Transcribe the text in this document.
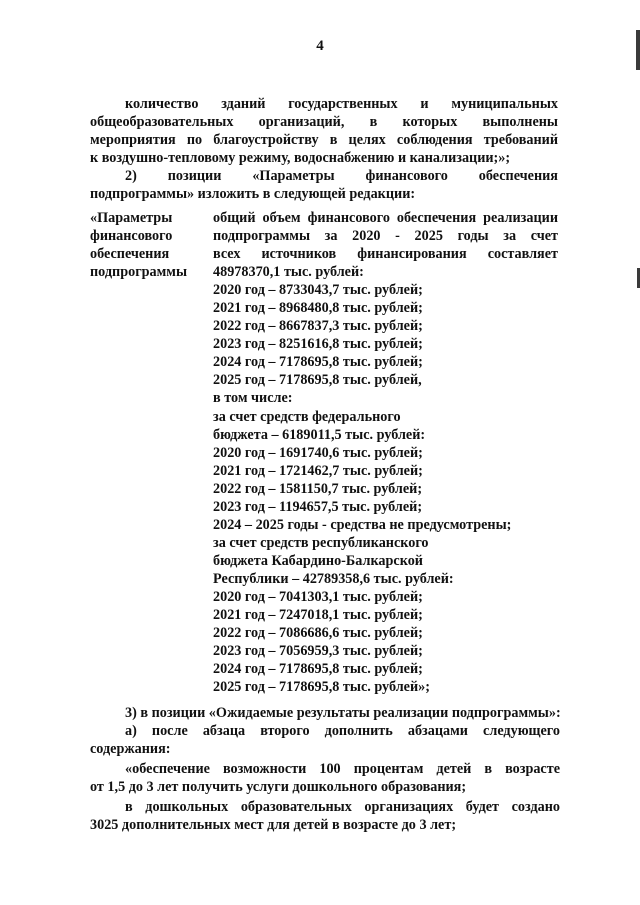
4
количество зданий государственных и муниципальных
общеобразовательных организаций, в которых выполнены
мероприятия по благоустройству в целях соблюдения требований
к воздушно-тепловому режиму, водоснабжению и канализации;»;
2) позиции «Параметры финансового обеспечения
подпрограммы» изложить в следующей редакции:
«Параметры
финансового
обеспечения
подпрограммы
общий объем финансового обеспечения реализации
подпрограммы за 2020 - 2025 годы за счет
всех источников финансирования составляет
48978370,1 тыс. рублей:
2020 год – 8733043,7 тыс. рублей;
2021 год – 8968480,8 тыс. рублей;
2022 год – 8667837,3 тыс. рублей;
2023 год – 8251616,8 тыс. рублей;
2024 год – 7178695,8 тыс. рублей;
2025 год – 7178695,8 тыс. рублей,
в том числе:
за счет средств федерального
бюджета – 6189011,5 тыс. рублей:
2020 год – 1691740,6 тыс. рублей;
2021 год – 1721462,7 тыс. рублей;
2022 год – 1581150,7 тыс. рублей;
2023 год – 1194657,5 тыс. рублей;
2024 – 2025 годы - средства не предусмотрены;
за счет средств республиканского
бюджета Кабардино-Балкарской
Республики – 42789358,6 тыс. рублей:
2020 год – 7041303,1 тыс. рублей;
2021 год – 7247018,1 тыс. рублей;
2022 год – 7086686,6 тыс. рублей;
2023 год – 7056959,3 тыс. рублей;
2024 год – 7178695,8 тыс. рублей;
2025 год – 7178695,8 тыс. рублей»;
3) в позиции «Ожидаемые результаты реализации подпрограммы»:
а) после абзаца второго дополнить абзацами следующего
содержания:
«обеспечение возможности 100 процентам детей в возрасте
от 1,5 до 3 лет получить услуги дошкольного образования;
в дошкольных образовательных организациях будет создано
3025 дополнительных мест для детей в возрасте до 3 лет;
